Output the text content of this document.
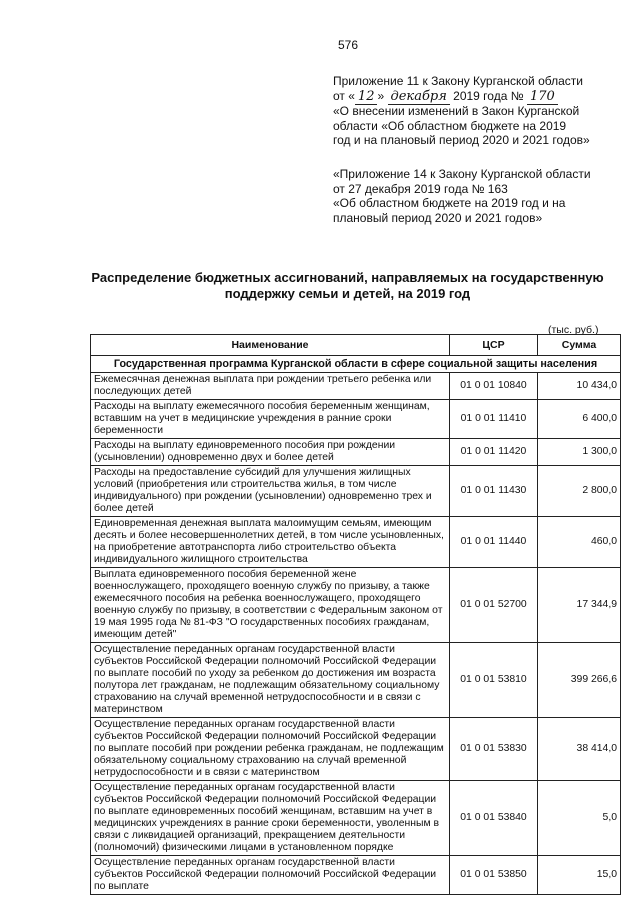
576
Приложение 11 к Закону Курганской области
от « 12 » декабря 2019 года № 170
«О внесении изменений в Закон Курганской
области «Об областном бюджете на 2019
год и на плановый период 2020 и 2021 годов»
«Приложение 14 к Закону Курганской области
от 27 декабря 2019 года № 163
«Об областном бюджете на 2019 год и на
плановый период 2020 и 2021 годов»
Распределение бюджетных ассигнований, направляемых на государственную
поддержку семьи и детей, на 2019 год
(тыс. руб.)
Наименование	ЦСР	Сумма
Государственная программа Курганской области в сфере социальной защиты населения		
Ежемесячная денежная выплата при рождении третьего ребенка или последующих детей	01 0 01 10840	10 434,0
Расходы на выплату ежемесячного пособия беременным женщинам, вставшим на учет в медицинские учреждения в ранние сроки беременности	01 0 01 11410	6 400,0
Расходы на выплату единовременного пособия при рождении (усыновлении) одновременно двух и более детей	01 0 01 11420	1 300,0
Расходы на предоставление субсидий для улучшения жилищных условий (приобретения или строительства жилья, в том числе индивидуального) при рождении (усыновлении) одновременно трех и более детей	01 0 01 11430	2 800,0
Единовременная денежная выплата малоимущим семьям, имеющим десять и более несовершеннолетних детей, в том числе усыновленных, на приобретение автотранспорта либо строительство объекта индивидуального жилищного строительства	01 0 01 11440	460,0
Выплата единовременного пособия беременной жене военнослужащего, проходящего военную службу по призыву, а также ежемесячного пособия на ребенка военнослужащего, проходящего военную службу по призыву, в соответствии с Федеральным законом от 19 мая 1995 года № 81-ФЗ "О государственных пособиях гражданам, имеющим детей"	01 0 01 52700	17 344,9
Осуществление переданных органам государственной власти субъектов Российской Федерации полномочий Российской Федерации по выплате пособий по уходу за ребенком до достижения им возраста полутора лет гражданам, не подлежащим обязательному социальному страхованию на случай временной нетрудоспособности и в связи с материнством	01 0 01 53810	399 266,6
Осуществление переданных органам государственной власти субъектов Российской Федерации полномочий Российской Федерации по выплате пособий при рождении ребенка гражданам, не подлежащим обязательному социальному страхованию на случай временной нетрудоспособности и в связи с материнством	01 0 01 53830	38 414,0
Осуществление переданных органам государственной власти субъектов Российской Федерации полномочий Российской Федерации по выплате единовременных пособий женщинам, вставшим на учет в медицинских учреждениях в ранние сроки беременности, уволенным в связи с ликвидацией организаций, прекращением деятельности (полномочий) физическими лицами в установленном порядке	01 0 01 53840	5,0
Осуществление переданных органам государственной власти субъектов Российской Федерации полномочий Российской Федерации по выплате	01 0 01 53850	15,0
